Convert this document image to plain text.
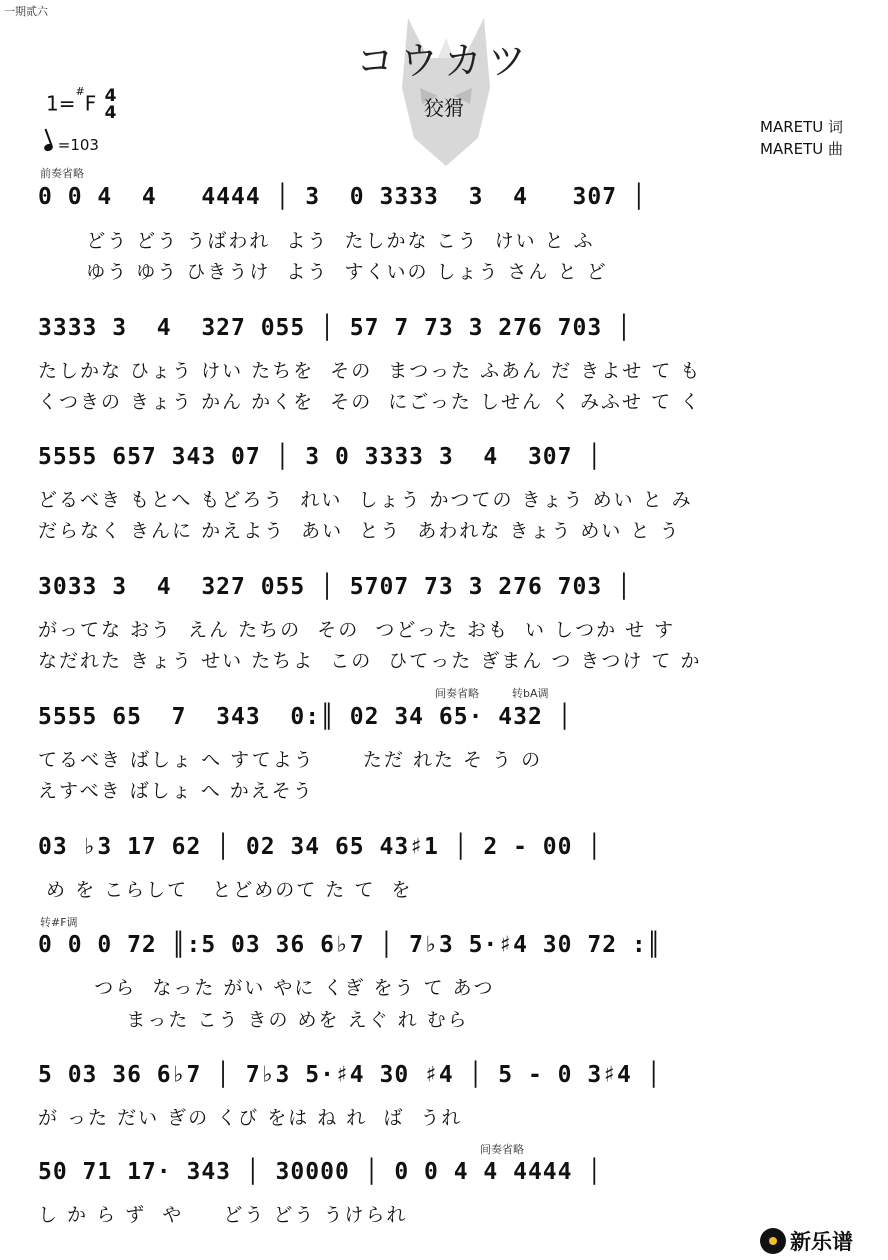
一期贰六
コウカツ
狡猾
1=#F 4
4
=103
MARETU 词
MARETU 曲
前奏省略
间奏省略	转bA调
转#F调
间奏省略
0 0 4  4   4444 │ 3  0 3333  3  4   307 │
どう どう うばわれ  よう  たしかな こう  けい と ふ
ゆう ゆう ひきうけ  よう  すくいの しょう さん と ど
3333 3  4  327 055 │ 57 7 73 3 276 703 │
たしかな ひょう けい たちを  その  まつった ふあん だ きよせ て も
くつきの きょう かん かくを  その  にごった しせん く みふせ て く
5555 657 343 07 │ 3 0 3333 3  4  307 │
どるべき もとへ もどろう  れい  しょう かつての きょう めい と み
だらなく きんに かえよう  あい  とう  あわれな きょう めい と う
3033 3  4  327 055 │ 5707 73 3 276 703 │
がってな おう  えん たちの  その  つどった おも  い しつか せ す
なだれた きょう せい たちよ  この  ひてった ぎまん つ きつけ て か
5555 65  7  343  0:║ 02 34 65· 432 │
てるべき ばしょ へ すてよう      ただ れた そ う の
えすべき ばしょ へ かえそう
03 ♭3 17 62 │ 02 34 65 43♯1 │ 2 - 00 │
め を こらして   とどめのて た て  を
0 0 0 72 ║:5 03 36 6♭7 │ 7♭3 5·♯4 30 72 :║
つら  なった がい やに くぎ をう て あつ
まった こう きの めを えぐ れ むら
5 03 36 6♭7 │ 7♭3 5·♯4 30 ♯4 │ 5 - 0 3♯4 │
が った だい ぎの くび をは ね れ  ば  うれ
50 71 17· 343 │ 30000 │ 0 0 4 4 4444 │
し か ら ず  や     どう どう うけられ
新乐谱
